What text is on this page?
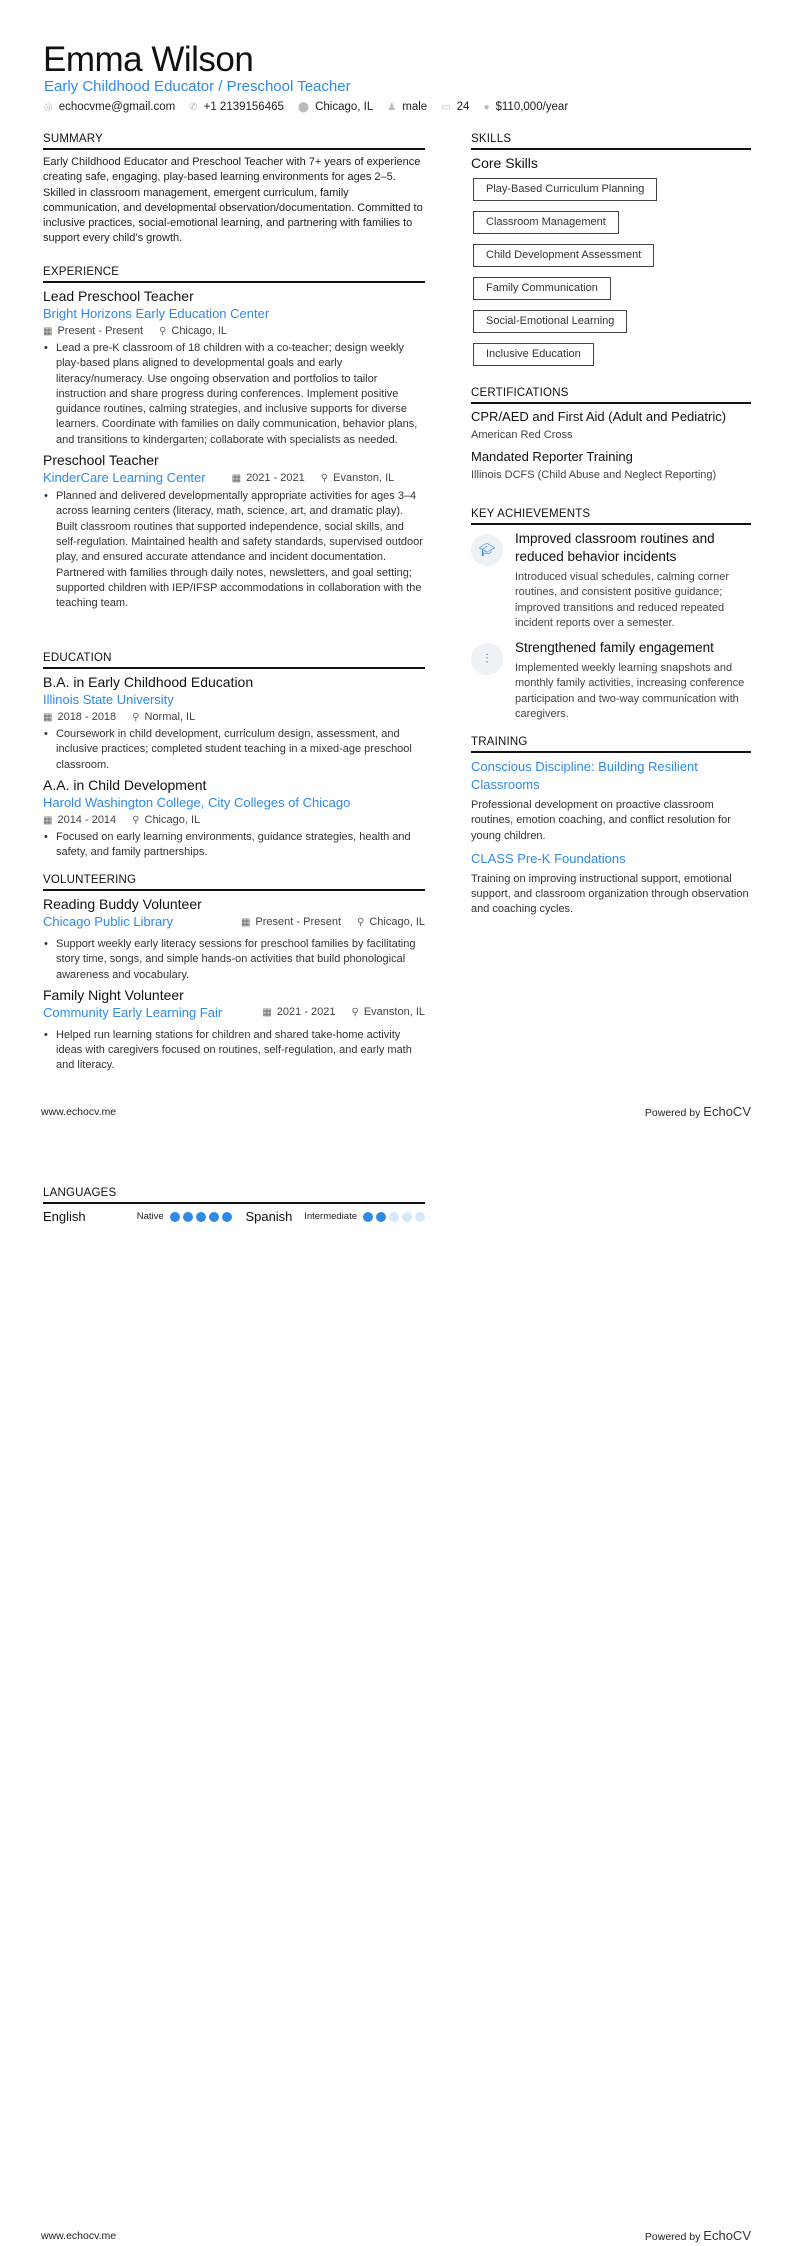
Emma Wilson
Early Childhood Educator / Preschool Teacher
◎ echocvme@gmail.com ✆ +1 2139156465 ⬤ Chicago, IL ♟ male ▭ 24 ● $110,000/year
SUMMARY
Early Childhood Educator and Preschool Teacher with 7+ years of experience creating safe, engaging, play-based learning environments for ages 2–5. Skilled in classroom management, emergent curriculum, family communication, and developmental observation/documentation. Committed to inclusive practices, social-emotional learning, and partnering with families to support every child’s growth.
EXPERIENCE
Lead Preschool Teacher
Bright Horizons Early Education Center
▦ Present - Present ⚲ Chicago, IL
• Lead a pre-K classroom of 18 children with a co-teacher; design weekly play-based plans aligned to developmental goals and early literacy/numeracy. Use ongoing observation and portfolios to tailor instruction and share progress during conferences. Implement positive guidance routines, calming strategies, and inclusive supports for diverse learners. Coordinate with families on daily communication, behavior plans, and transitions to kindergarten; collaborate with specialists as needed.
Preschool Teacher
KinderCare Learning Center	▦ 2021 - 2021 ⚲ Evanston, IL
• Planned and delivered developmentally appropriate activities for ages 3–4 across learning centers (literacy, math, science, art, and dramatic play). Built classroom routines that supported independence, social skills, and self-regulation. Maintained health and safety standards, supervised outdoor play, and ensured accurate attendance and incident documentation. Partnered with families through daily notes, newsletters, and goal setting; supported children with IEP/IFSP accommodations in collaboration with the teaching team.
EDUCATION
B.A. in Early Childhood Education
Illinois State University
▦ 2018 - 2018 ⚲ Normal, IL
• Coursework in child development, curriculum design, assessment, and inclusive practices; completed student teaching in a mixed-age preschool classroom.
A.A. in Child Development
Harold Washington College, City Colleges of Chicago
▦ 2014 - 2014 ⚲ Chicago, IL
• Focused on early learning environments, guidance strategies, health and safety, and family partnerships.
VOLUNTEERING
Reading Buddy Volunteer
Chicago Public Library	▦ Present - Present ⚲ Chicago, IL
• Support weekly early literacy sessions for preschool families by facilitating story time, songs, and simple hands-on activities that build phonological awareness and vocabulary.
Family Night Volunteer
Community Early Learning Fair	▦ 2021 - 2021 ⚲ Evanston, IL
• Helped run learning stations for children and shared take-home activity ideas with caregivers focused on routines, self-regulation, and early math and literacy.
SKILLS
Core Skills
Play-Based Curriculum Planning
Classroom Management
Child Development Assessment
Family Communication
Social-Emotional Learning
Inclusive Education
CERTIFICATIONS
CPR/AED and First Aid (Adult and Pediatric)
American Red Cross
Mandated Reporter Training
Illinois DCFS (Child Abuse and Neglect Reporting)
KEY ACHIEVEMENTS
🎓︎
Improved classroom routines and reduced behavior incidents
Introduced visual schedules, calming corner routines, and consistent positive guidance; improved transitions and reduced repeated incident reports over a semester.
⫶
Strengthened family engagement
Implemented weekly learning snapshots and monthly family activities, increasing conference participation and two-way communication with caregivers.
TRAINING
Conscious Discipline: Building Resilient Classrooms
Professional development on proactive classroom routines, emotion coaching, and conflict resolution for young children.
CLASS Pre-K Foundations
Training on improving instructional support, emotional support, and classroom organization through observation and coaching cycles.
www.echocv.me	Powered by EchoCV
LANGUAGES
English	Native	Spanish	Intermediate
www.echocv.me	Powered by EchoCV
